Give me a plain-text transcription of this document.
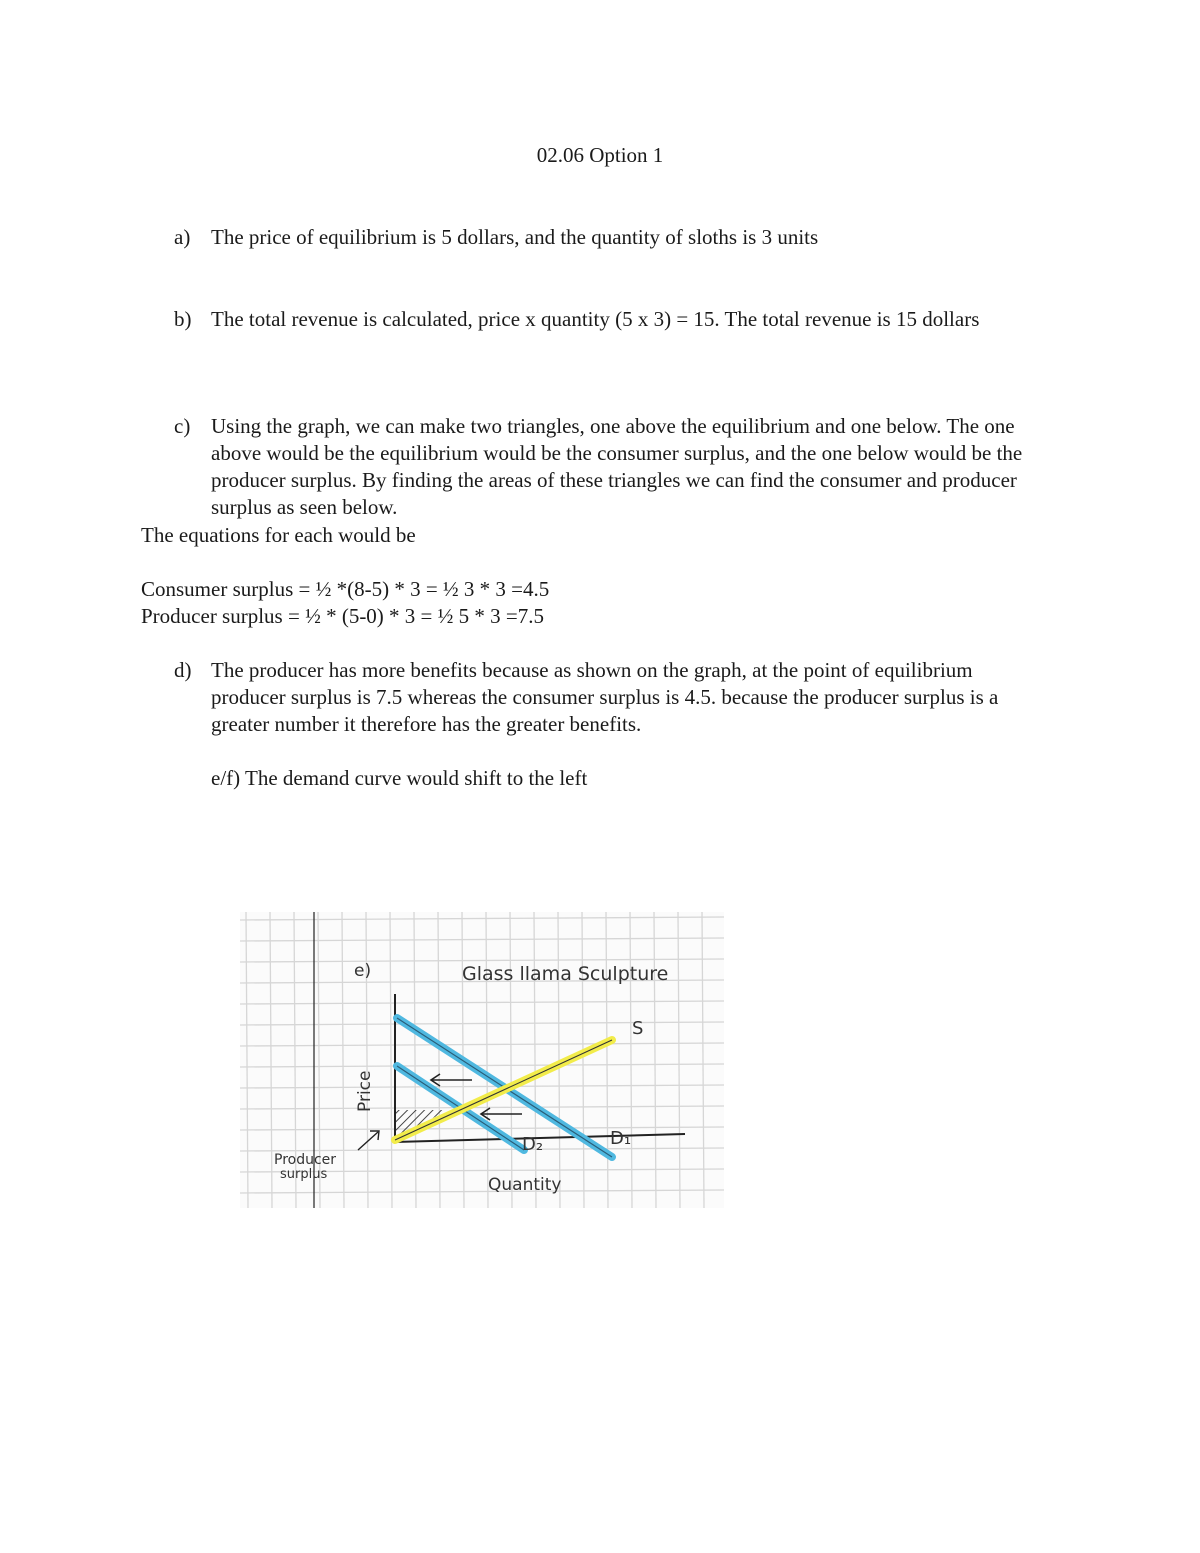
02.06 Option 1
a) The price of equilibrium is 5 dollars, and the quantity of sloths is 3 units
b) The total revenue is calculated, price x quantity (5 x 3) = 15. The total revenue is 15 dollars
c) Using the graph, we can make two triangles, one above the equilibrium and one below. The one above would be the equilibrium would be the consumer surplus, and the one below would be the producer surplus. By finding the areas of these triangles we can find the consumer and producer surplus as seen below.
The equations for each would be
Consumer surplus = ½ *(8-5) * 3 = ½ 3 * 3 =4.5
Producer surplus = ½ * (5-0) * 3 = ½ 5 * 3 =7.5
d) The producer has more benefits because as shown on the graph, at the point of equilibrium producer surplus is 7.5 whereas the consumer surplus is 4.5. because the producer surplus is a greater number it therefore has the greater benefits.
e/f) The demand curve would shift to the left
e)	Glass llama Sculpture
S
D₁
D₂
Price
Quantity
Producer
surplus
